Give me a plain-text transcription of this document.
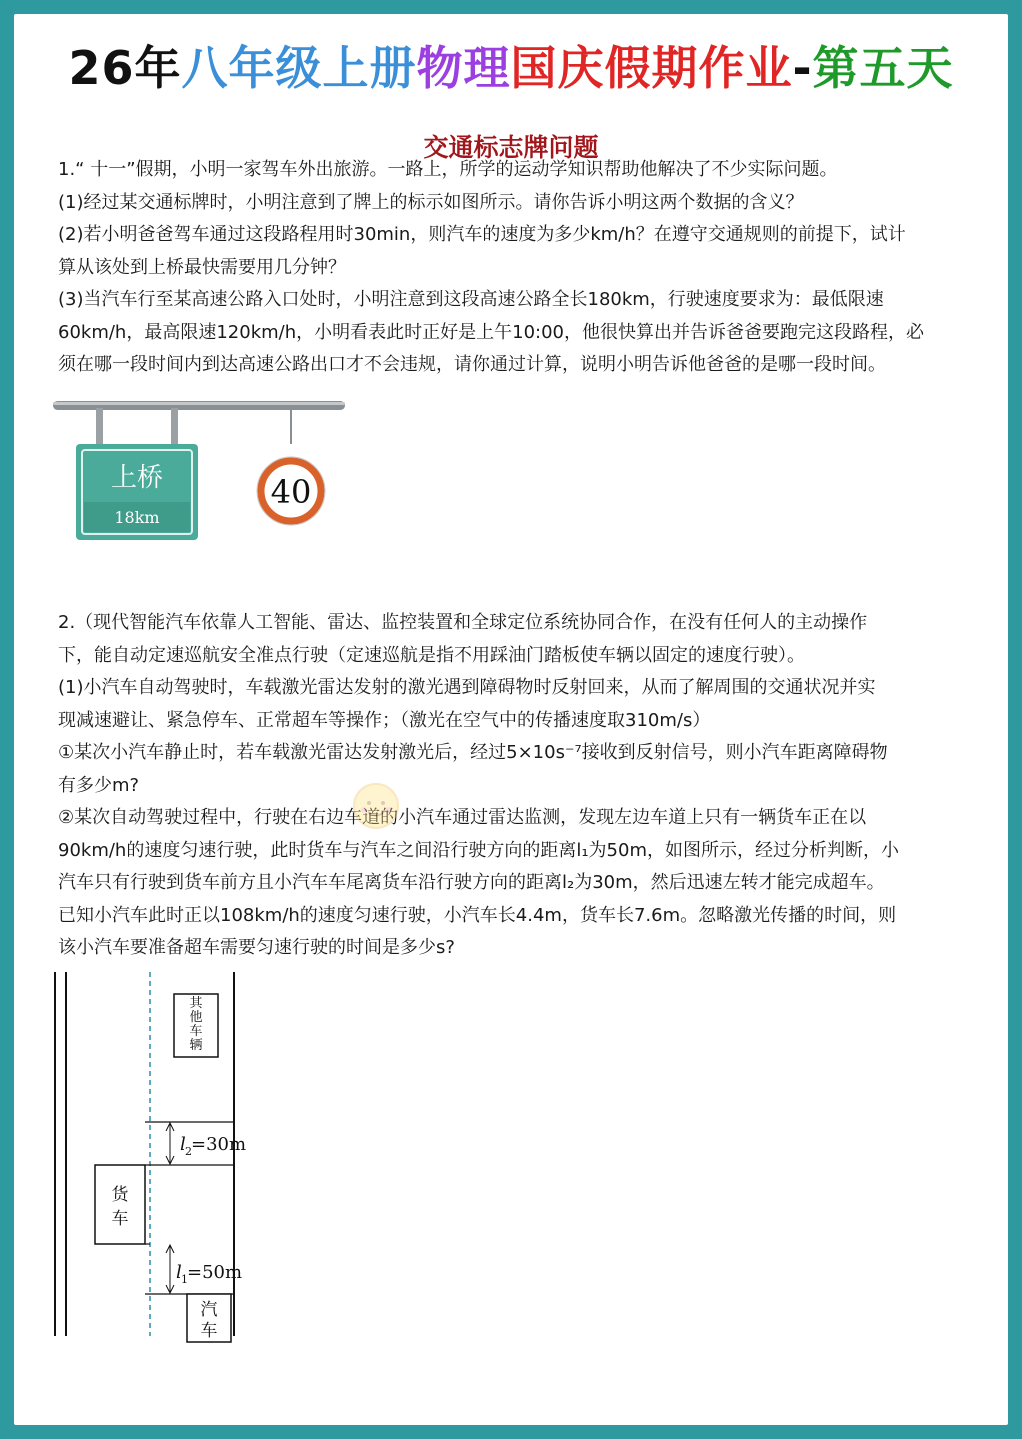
26年八年级上册物理国庆假期作业-第五天
交通标志牌问题

1.“ 十一”假期，小明一家驾车外出旅游。一路上，所学的运动学知识帮助他解决了不少实际问题。

(1)经过某交通标牌时，小明注意到了牌上的标示如图所示。请你告诉小明这两个数据的含义？

(2)若小明爸爸驾车通过这段路程用时30min，则汽车的速度为多少km/h？在遵守交通规则的前提下，试计

算从该处到上桥最快需要用几分钟？

(3)当汽车行至某高速公路入口处时，小明注意到这段高速公路全长180km，行驶速度要求为：最低限速

60km/h，最高限速120km/h，小明看表此时正好是上午10:00，他很快算出并告诉爸爸要跑完这段路程，必

须在哪一段时间内到达高速公路出口才不会违规，请你通过计算，说明小明告诉他爸爸的是哪一段时间。

上桥
18km
40

2.（现代智能汽车依靠人工智能、雷达、监控装置和全球定位系统协同合作，在没有任何人的主动操作

下，能自动定速巡航安全准点行驶（定速巡航是指不用踩油门踏板使车辆以固定的速度行驶）。

(1)小汽车自动驾驶时，车载激光雷达发射的激光遇到障碍物时反射回来，从而了解周围的交通状况并实

现减速避让、紧急停车、正常超车等操作；（激光在空气中的传播速度取310m/s）

①某次小汽车静止时，若车载激光雷达发射激光后，经过5×10s⁻⁷接收到反射信号，则小汽车距离障碍物

有多少m?

②某次自动驾驶过程中，行驶在右边车道的小汽车通过雷达监测，发现左边车道上只有一辆货车正在以

90km/h的速度匀速行驶，此时货车与汽车之间沿行驶方向的距离l₁为50m，如图所示，经过分析判断，小

汽车只有行驶到货车前方且小汽车车尾离货车沿行驶方向的距离l₂为30m，然后迅速左转才能完成超车。

已知小汽车此时正以108km/h的速度匀速行驶，小汽车长4.4m，货车长7.6m。忽略激光传播的时间，则

该小汽车要准备超车需要匀速行驶的时间是多少s?

其
他
车
辆
l 2 =30m
货
车
l 1 =50m
汽
车
